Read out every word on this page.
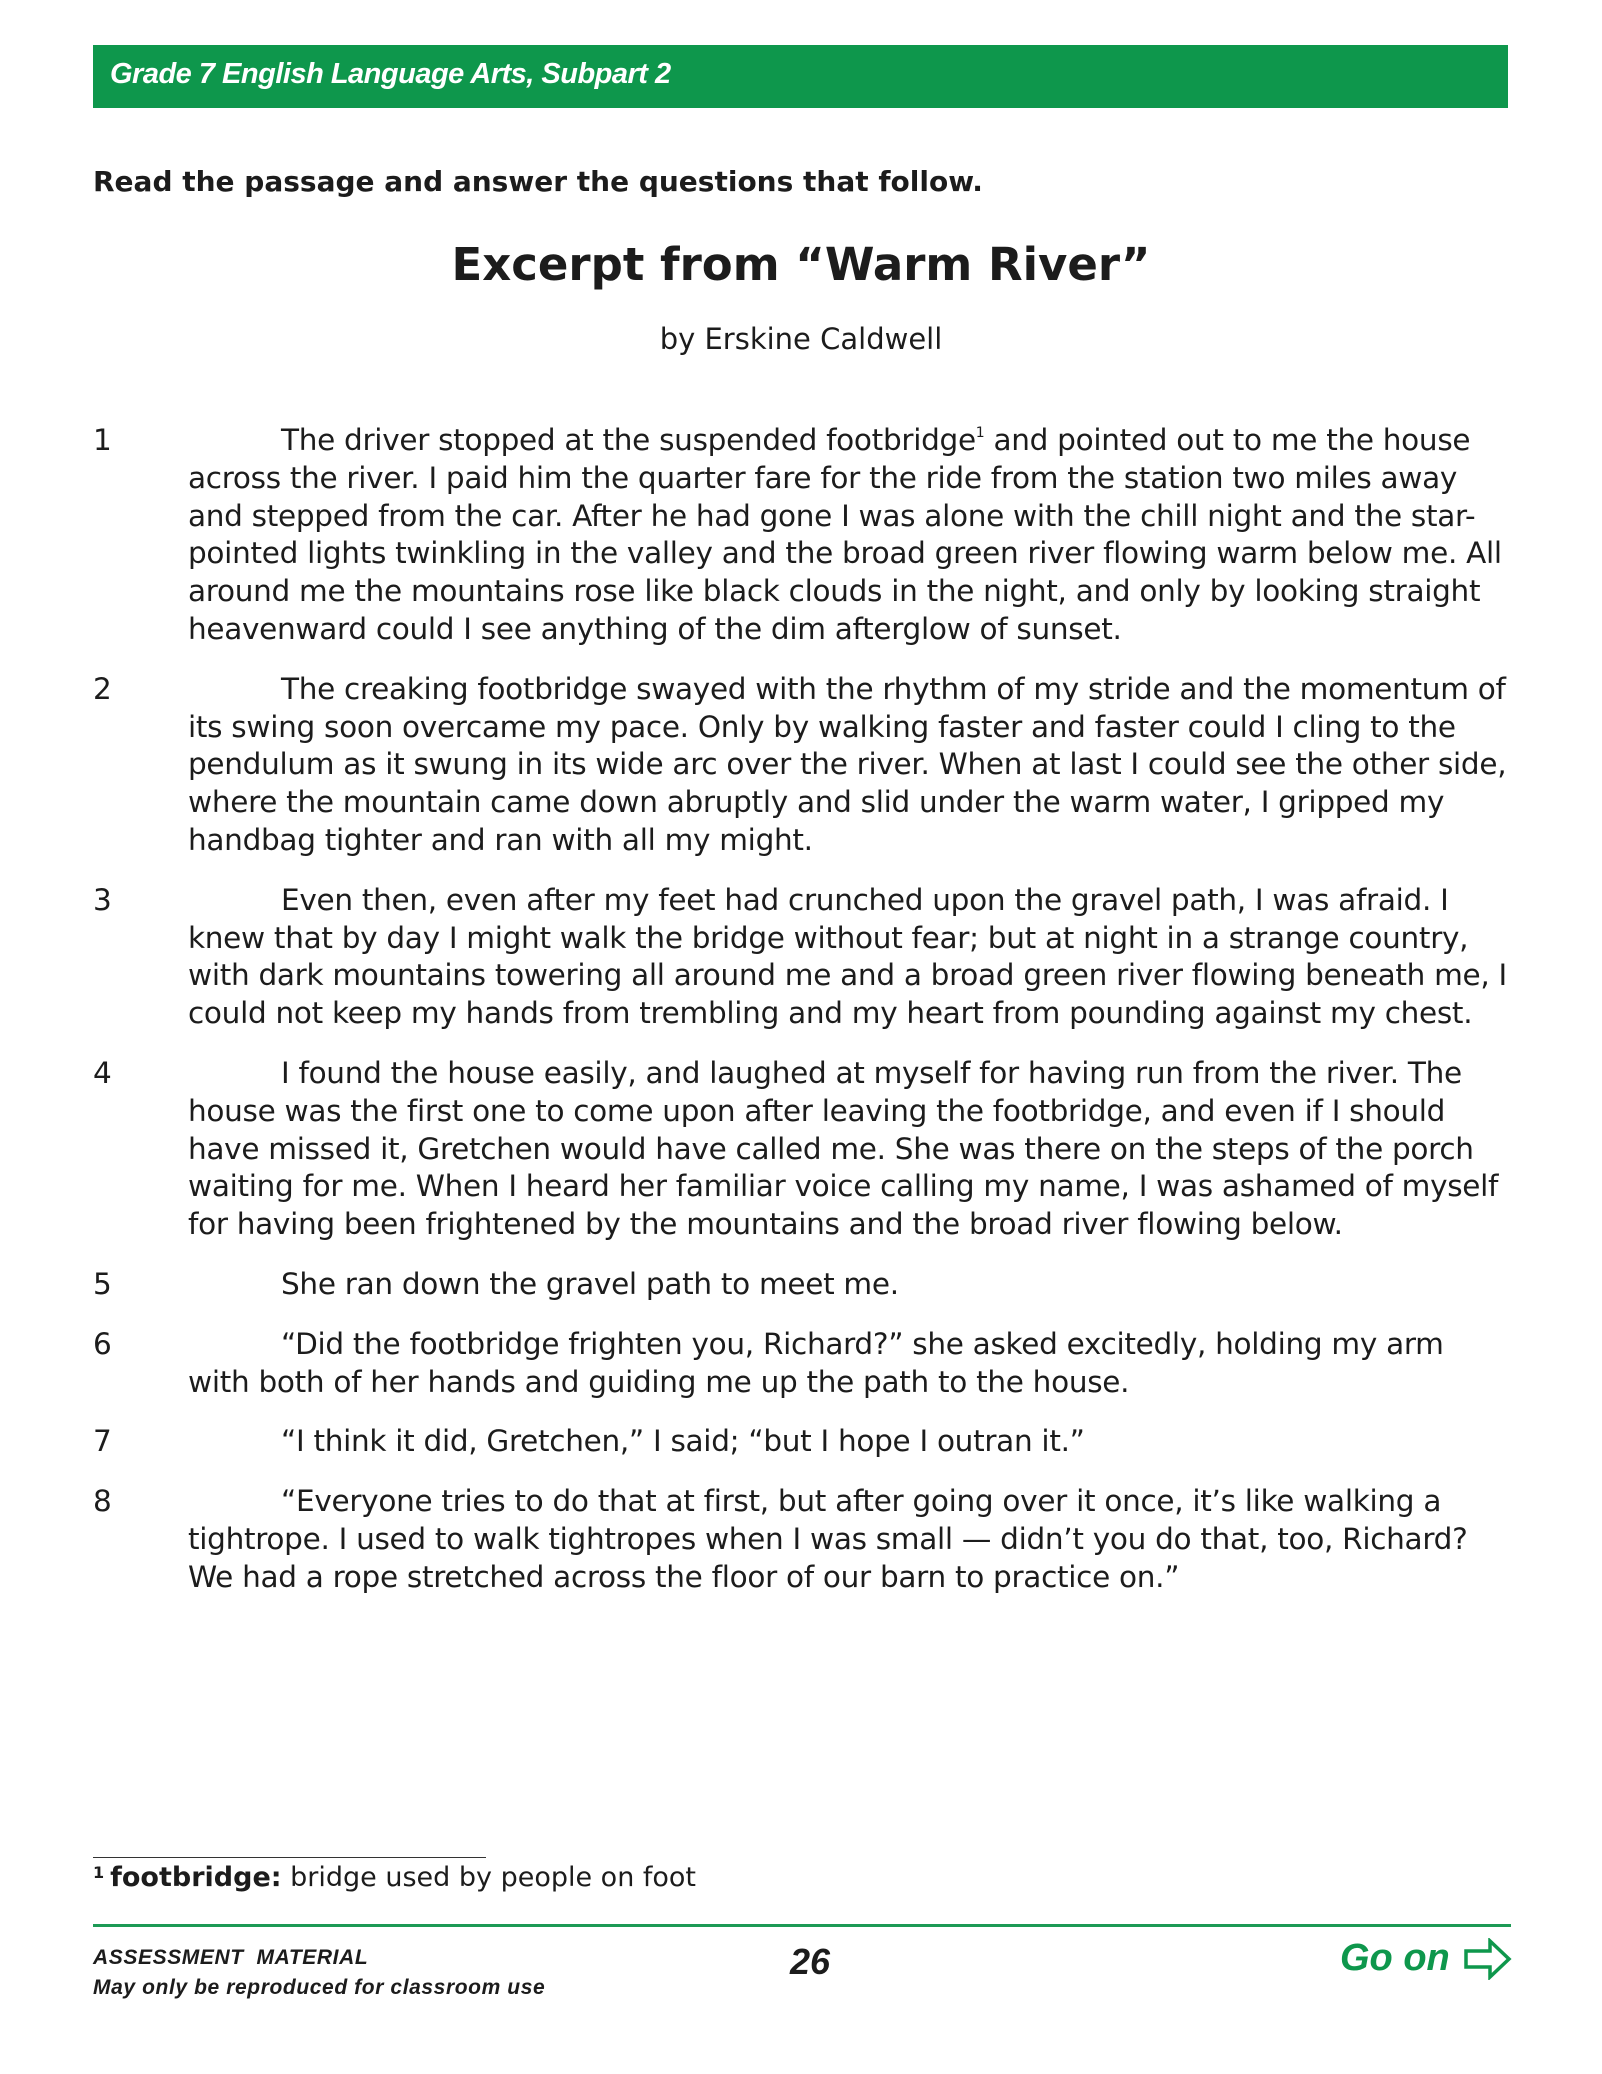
Grade 7 English Language Arts, Subpart 2
Read the passage and answer the questions that follow.
Excerpt from “Warm River”
by Erskine Caldwell
1	The driver stopped at the suspended footbridge$^1$ and pointed out to me the house across the river. I paid him the quarter fare for the ride from the station two miles away and stepped from the car. After he had gone I was alone with the chill night and the star-pointed lights twinkling in the valley and the broad green river flowing warm below me. All around me the mountains rose like black clouds in the night, and only by looking straight heavenward could I see anything of the dim afterglow of sunset.
2	The creaking footbridge swayed with the rhythm of my stride and the momentum of its swing soon overcame my pace. Only by walking faster and faster could I cling to the pendulum as it swung in its wide arc over the river. When at last I could see the other side, where the mountain came down abruptly and slid under the warm water, I gripped my handbag tighter and ran with all my might.
3	Even then, even after my feet had crunched upon the gravel path, I was afraid. I knew that by day I might walk the bridge without fear; but at night in a strange country, with dark mountains towering all around me and a broad green river flowing beneath me, I could not keep my hands from trembling and my heart from pounding against my chest.
4	I found the house easily, and laughed at myself for having run from the river. The house was the first one to come upon after leaving the footbridge, and even if I should have missed it, Gretchen would have called me. She was there on the steps of the porch waiting for me. When I heard her familiar voice calling my name, I was ashamed of myself for having been frightened by the mountains and the broad river flowing below.
5	She ran down the gravel path to meet me.
6	“Did the footbridge frighten you, Richard?” she asked excitedly, holding my arm with both of her hands and guiding me up the path to the house.
7	“I think it did, Gretchen,” I said; “but I hope I outran it.”
8	“Everyone tries to do that at first, but after going over it once, it’s like walking a tightrope. I used to walk tightropes when I was small — didn’t you do that, too, Richard? We had a rope stretched across the floor of our barn to practice on.”
$^1$ footbridge: bridge used by people on foot
ASSESSMENT  MATERIAL
May only be reproduced for classroom use
26	Go on
